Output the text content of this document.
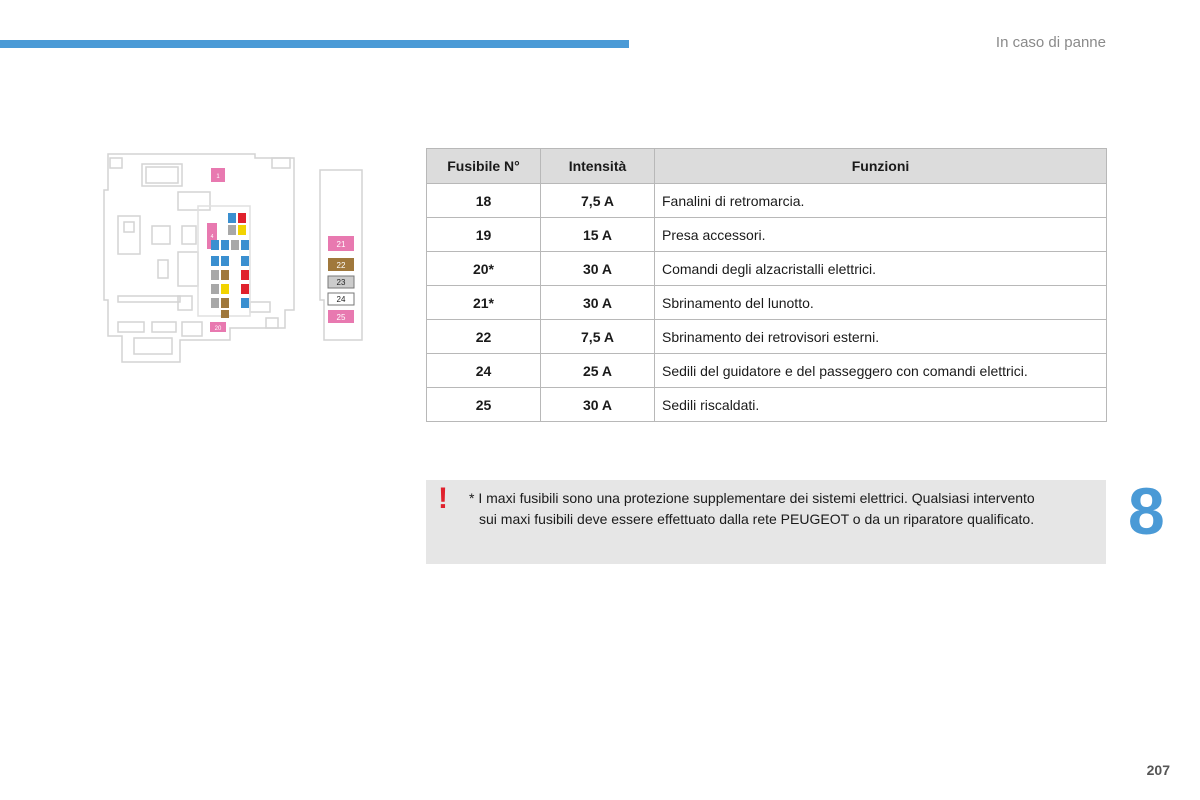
In caso di panne
1
4
20
21
22
23
24
25
Fusibile N°	Intensità	Funzioni
18	7,5 A	Fanalini di retromarcia.
19	15 A	Presa accessori.
20*	30 A	Comandi degli alzacristalli elettrici.
21*	30 A	Sbrinamento del lunotto.
22	7,5 A	Sbrinamento dei retrovisori esterni.
24	25 A	Sedili del guidatore e del passeggero con comandi elettrici.
25	30 A	Sedili riscaldati.
! * I maxi fusibili sono una protezione supplementare dei sistemi elettrici. Qualsiasi intervento
sui maxi fusibili deve essere effettuato dalla rete PEUGEOT o da un riparatore qualificato.	8
207
